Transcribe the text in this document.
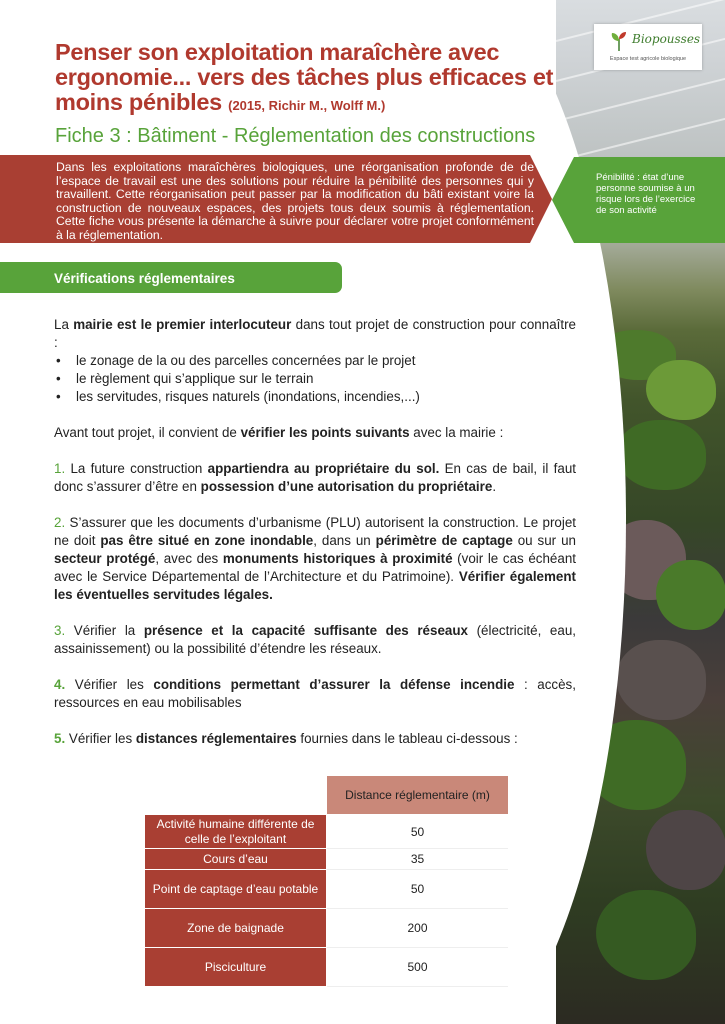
Biopousses
Espace test agricole biologique
Penser son exploitation maraîchère avec ergonomie... vers des tâches plus efficaces et moins pénibles (2015, Richir M., Wolff M.)
Fiche 3 : Bâtiment - Réglementation des constructions
Dans les exploitations maraîchères biologiques, une réorganisation profonde de de l’espace de travail est une des solutions pour réduire la pénibilité des personnes qui y travaillent. Cette réorganisation peut passer par la modification du bâti existant voire la construction de nouveaux espaces, des projets tous deux soumis à réglementation. Cette fiche vous présente la démarche à suivre pour déclarer votre projet conformément à la réglementation.
Pénibilité : état d’une personne soumise à un risque lors de l’exercice de son activité
Vérifications réglementaires

La mairie est le premier interlocuteur dans tout projet de construction pour connaître :

• le zonage de la ou des parcelles concernées par le projet
• le règlement qui s’applique sur le terrain
• les servitudes, risques naturels (inondations, incendies,...)

Avant tout projet, il convient de vérifier les points suivants avec la mairie :

1. La future construction appartiendra au propriétaire du sol. En cas de bail, il faut donc s’assurer d’être en possession d’une autorisation du propriétaire.

2. S’assurer que les documents d’urbanisme (PLU) autorisent la construction. Le projet ne doit pas être situé en zone inondable, dans un périmètre de captage ou sur un secteur protégé, avec des monuments historiques à proximité (voir le cas échéant avec le Service Départemental de l’Architecture et du Patrimoine). Vérifier également les éventuelles servitudes légales.

3. Vérifier la présence et la capacité suffisante des réseaux (électricité, eau, assainissement) ou la possibilité d’étendre les réseaux.

4. Vérifier les conditions permettant d’assurer la défense incendie : accès, ressources en eau mobilisables

5. Vérifier les distances réglementaires fournies dans le tableau ci-dessous :

Distance réglementaire (m)
Activité humaine différente de celle de l’exploitant	50
Cours d’eau	35
Point de captage d’eau potable	50
Zone de baignade	200
Pisciculture	500
